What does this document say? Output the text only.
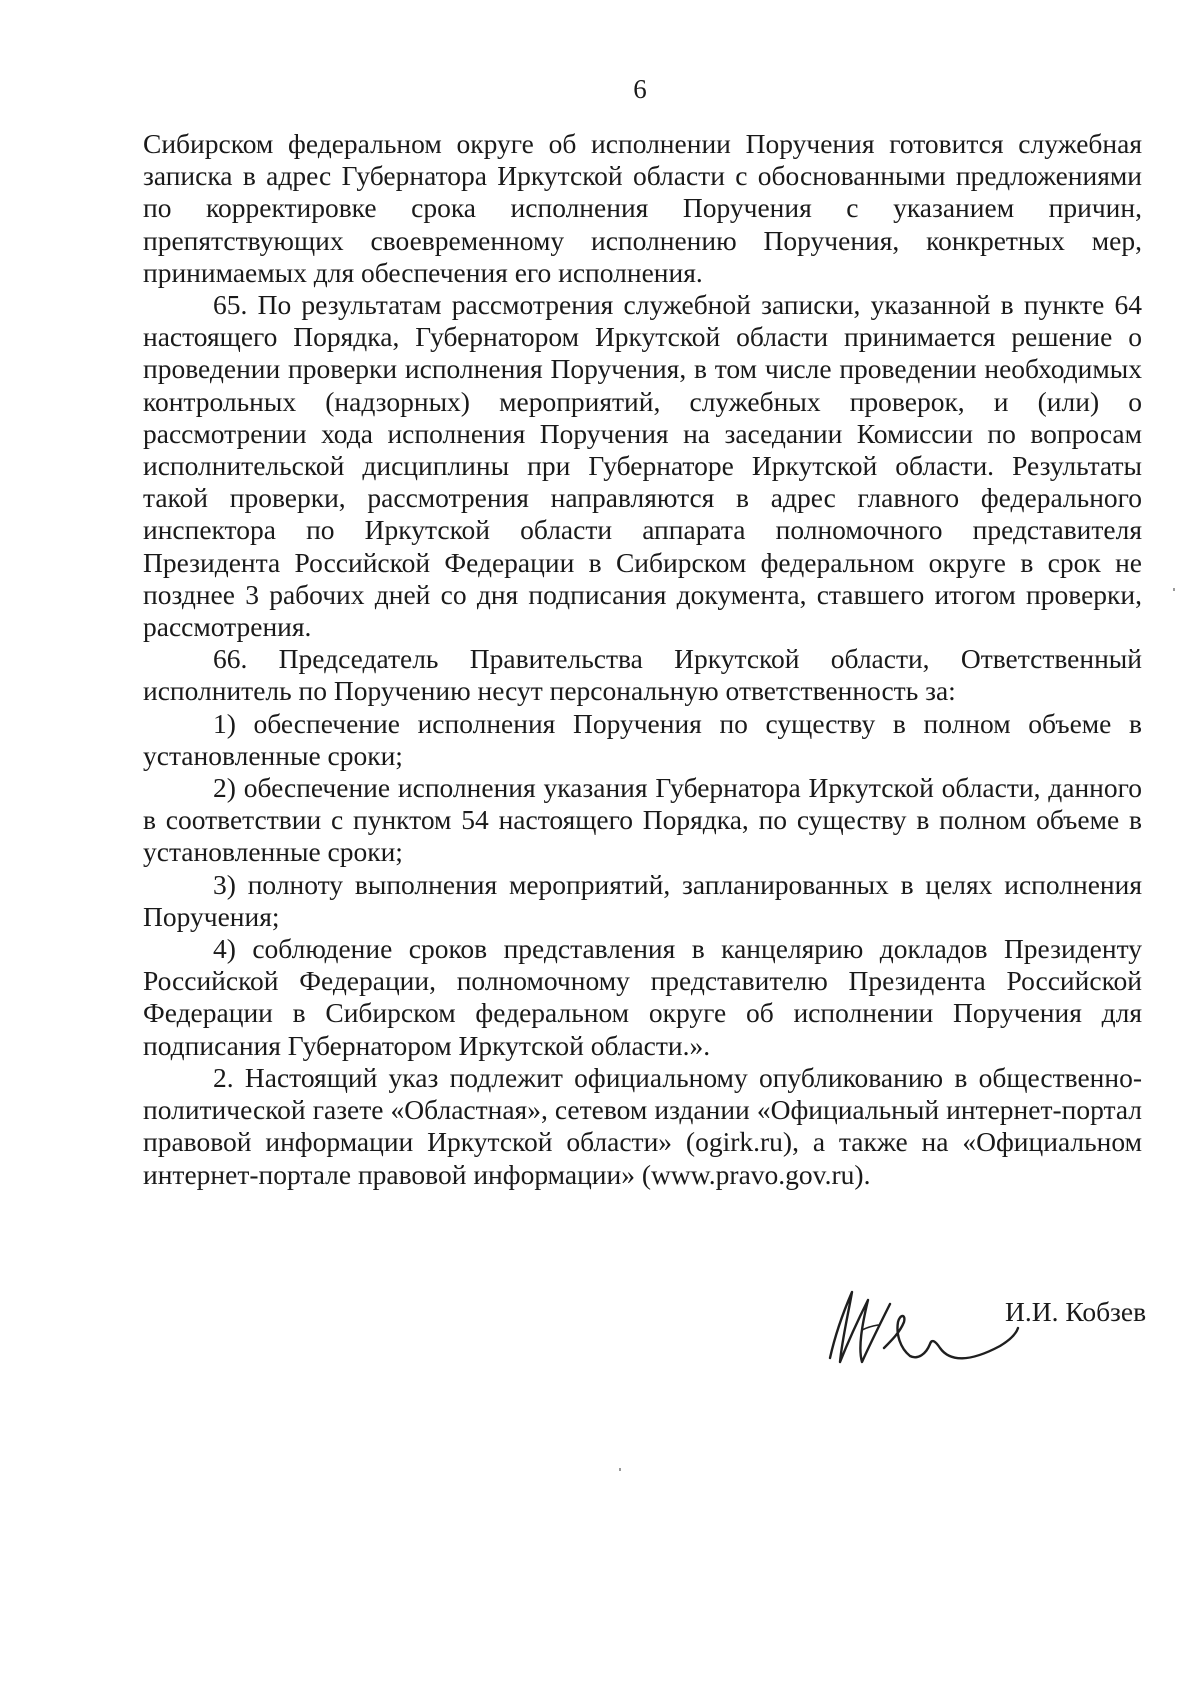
6

Сибирском федеральном округе об исполнении Поручения готовится служебная записка в адрес Губернатора Иркутской области с обоснованными предложениями по корректировке срока исполнения Поручения с указанием причин, препятствующих своевременному исполнению Поручения, конкретных мер, принимаемых для обеспечения его исполнения.

65. По результатам рассмотрения служебной записки, указанной в пункте 64 настоящего Порядка, Губернатором Иркутской области принимается решение о проведении проверки исполнения Поручения, в том числе проведении необходимых контрольных (надзорных) мероприятий, служебных проверок, и (или) о рассмотрении хода исполнения Поручения на заседании Комиссии по вопросам исполнительской дисциплины при Губернаторе Иркутской области. Результаты такой проверки, рассмотрения направляются в адрес главного федерального инспектора по Иркутской области аппарата полномочного представителя Президента Российской Федерации в Сибирском федеральном округе в срок не позднее 3 рабочих дней со дня подписания документа, ставшего итогом проверки, рассмотрения.

66. Председатель Правительства Иркутской области, Ответственный исполнитель по Поручению несут персональную ответственность за:

1) обеспечение исполнения Поручения по существу в полном объеме в установленные сроки;

2) обеспечение исполнения указания Губернатора Иркутской области, данного в соответствии с пунктом 54 настоящего Порядка, по существу в полном объеме в установленные сроки;

3) полноту выполнения мероприятий, запланированных в целях исполнения Поручения;

4) соблюдение сроков представления в канцелярию докладов Президенту Российской Федерации, полномочному представителю Президента Российской Федерации в Сибирском федеральном округе об исполнении Поручения для подписания Губернатором Иркутской области.».

2. Настоящий указ подлежит официальному опубликованию в общественно-политической газете «Областная», сетевом издании «Официальный интернет-портал правовой информации Иркутской области» (ogirk.ru), а также на «Официальном интернет-портале правовой информации» (www.pravo.gov.ru).

И.И. Кобзев
